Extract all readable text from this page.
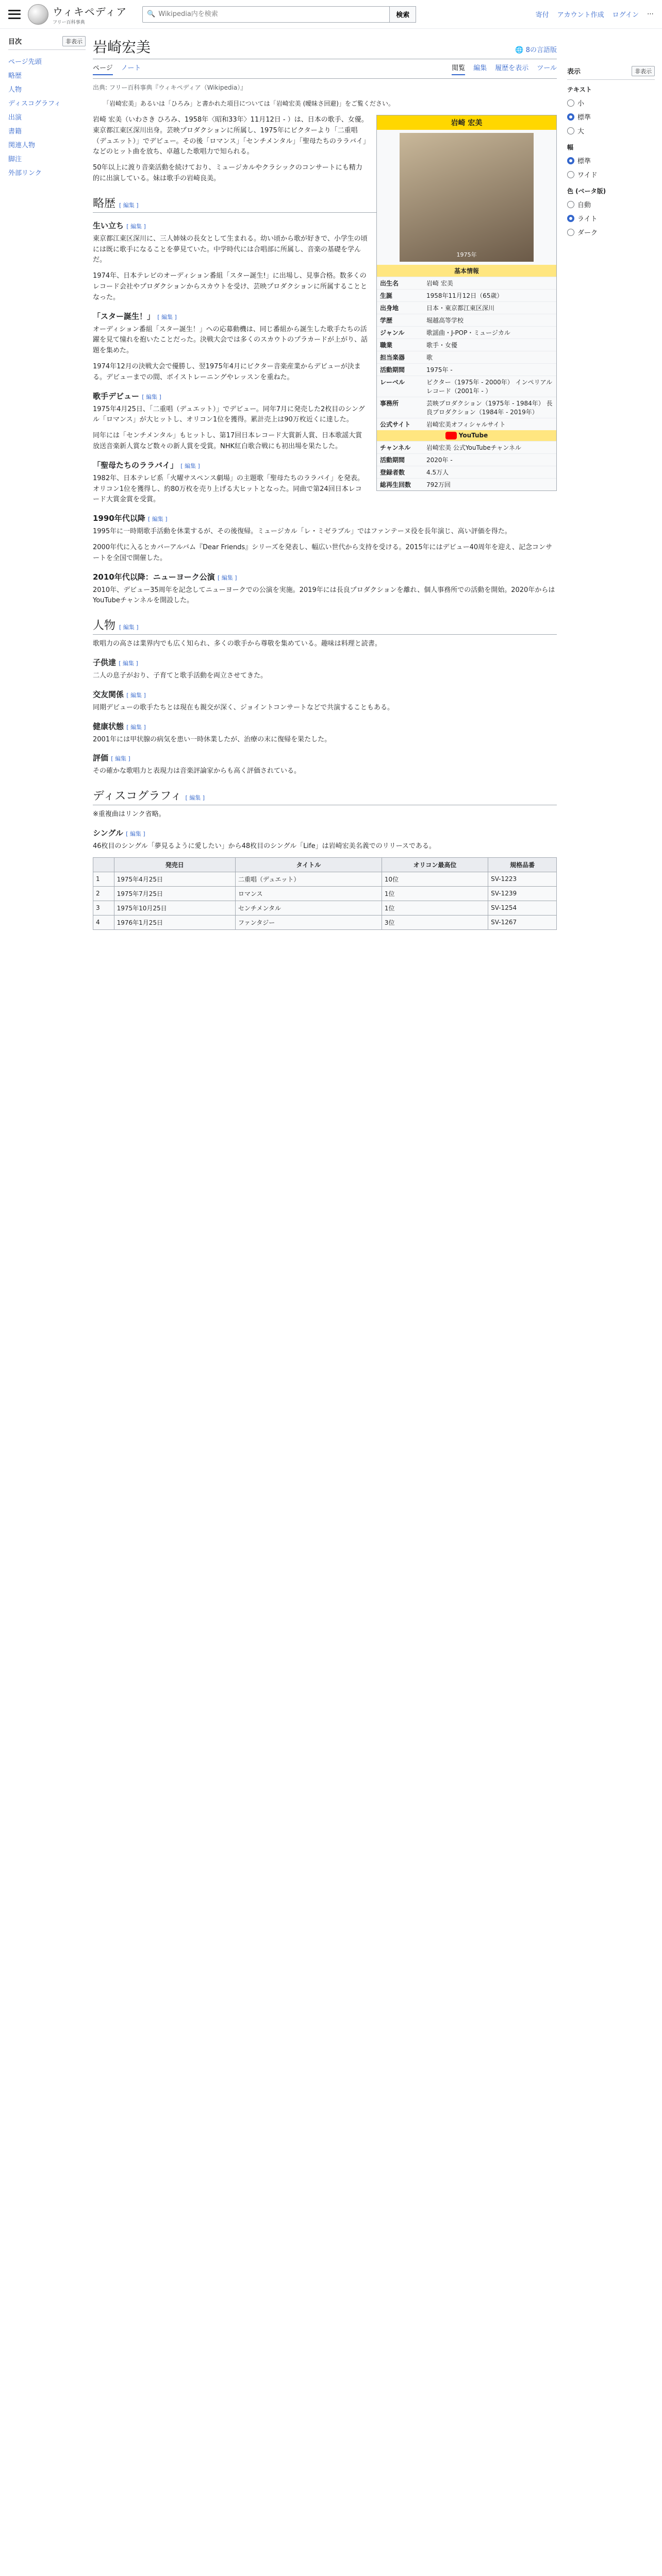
ウィキペディア
フリー百科事典
🔍
Wikipedia内を検索	検索	寄付 アカウント作成 ログイン ⋯
目次	非表示
ページ先頭
略歴
人物
ディスコグラフィ
出演
書籍
関連人物
脚注
外部リンク
岩崎宏美	🌐 8の言語版
ページ ノート	閲覧 編集 履歴を表示 ツール
出典: フリー百科事典『ウィキペディア（Wikipedia）』
「岩崎宏美」あるいは「ひろみ」と書かれた項目については「岩崎宏美 (曖昧さ回避)」をご覧ください。
岩崎 宏美
1975年
基本情報
出生名	岩崎 宏美
生誕	1958年11月12日（65歳）
出身地	日本・東京都江東区深川
学歴	堀越高等学校
ジャンル	歌謡曲・J-POP・ミュージカル
職業	歌手・女優
担当楽器	歌
活動期間	1975年 -
レーベル	ビクター（1975年 - 2000年） インペリアルレコード（2001年 - ）
事務所	芸映プロダクション（1975年 - 1984年） 長良プロダクション（1984年 - 2019年）
公式サイト	岩崎宏美オフィシャルサイト
YouTube
チャンネル	岩崎宏美 公式YouTubeチャンネル
活動期間	2020年 -
登録者数	4.5万人
総再生回数	792万回

岩崎 宏美（いわさき ひろみ、1958年〈昭和33年〉11月12日 - ）は、日本の歌手、女優。東京都江東区深川出身。芸映プロダクションに所属し、1975年にビクターより「二重唱（デュエット）」でデビュー。その後「ロマンス」「センチメンタル」「聖母たちのララバイ」などのヒット曲を放ち、卓越した歌唱力で知られる。

50年以上に渡り音楽活動を続けており、ミュージカルやクラシックのコンサートにも精力的に出演している。妹は歌手の岩崎良美。

略歴 [ 編集 ]
生い立ち [ 編集 ]

東京都江東区深川に、三人姉妹の長女として生まれる。幼い頃から歌が好きで、小学生の頃には既に歌手になることを夢見ていた。中学時代には合唱部に所属し、音楽の基礎を学んだ。

1974年、日本テレビのオーディション番組「スター誕生!」に出場し、見事合格。数多くのレコード会社やプロダクションからスカウトを受け、芸映プロダクションに所属することとなった。

「スター誕生！」 [ 編集 ]

オーディション番組「スター誕生！」への応募動機は、同じ番組から誕生した歌手たちの活躍を見て憧れを抱いたことだった。決戦大会では多くのスカウトのプラカードが上がり、話題を集めた。

1974年12月の決戦大会で優勝し、翌1975年4月にビクター音楽産業からデビューが決まる。デビューまでの間、ボイストレーニングやレッスンを重ねた。

歌手デビュー [ 編集 ]

1975年4月25日、「二重唱（デュエット）」でデビュー。同年7月に発売した2枚目のシングル「ロマンス」が大ヒットし、オリコン1位を獲得。累計売上は90万枚近くに達した。

同年には「センチメンタル」もヒットし、第17回日本レコード大賞新人賞、日本歌謡大賞放送音楽新人賞など数々の新人賞を受賞。NHK紅白歌合戦にも初出場を果たした。

「聖母たちのララバイ」 [ 編集 ]

1982年、日本テレビ系「火曜サスペンス劇場」の主題歌「聖母たちのララバイ」を発表。オリコン1位を獲得し、約80万枚を売り上げる大ヒットとなった。同曲で第24回日本レコード大賞金賞を受賞。

1990年代以降 [ 編集 ]

1995年に一時期歌手活動を休業するが、その後復帰。ミュージカル「レ・ミゼラブル」ではファンテーヌ役を長年演じ、高い評価を得た。

2000年代に入るとカバーアルバム『Dear Friends』シリーズを発表し、幅広い世代から支持を受ける。2015年にはデビュー40周年を迎え、記念コンサートを全国で開催した。

2010年代以降：ニューヨーク公演 [ 編集 ]

2010年、デビュー35周年を記念してニューヨークでの公演を実施。2019年には長良プロダクションを離れ、個人事務所での活動を開始。2020年からはYouTubeチャンネルを開設した。

人物 [ 編集 ]

歌唱力の高さは業界内でも広く知られ、多くの歌手から尊敬を集めている。趣味は料理と読書。

子供達 [ 編集 ]

二人の息子がおり、子育てと歌手活動を両立させてきた。

交友関係 [ 編集 ]

同期デビューの歌手たちとは現在も親交が深く、ジョイントコンサートなどで共演することもある。

健康状態 [ 編集 ]

2001年には甲状腺の病気を患い一時休業したが、治療の末に復帰を果たした。

評価 [ 編集 ]

その確かな歌唱力と表現力は音楽評論家からも高く評価されている。

ディスコグラフィ [ 編集 ]

※重複曲はリンク省略。

シングル [ 編集 ]

46枚目のシングル「夢見るように愛したい」から48枚目のシングル「Life」は岩崎宏美名義でのリリースである。

	発売日	タイトル	オリコン最高位	規格品番
1	1975年4月25日	二重唱（デュエット）	10位	SV-1223
2	1975年7月25日	ロマンス	1位	SV-1239
3	1975年10月25日	センチメンタル	1位	SV-1254
4	1976年1月25日	ファンタジー	3位	SV-1267
表示	非表示
テキスト
小
標準
大
幅
標準
ワイド
色 (ベータ版)
自動
ライト
ダーク
